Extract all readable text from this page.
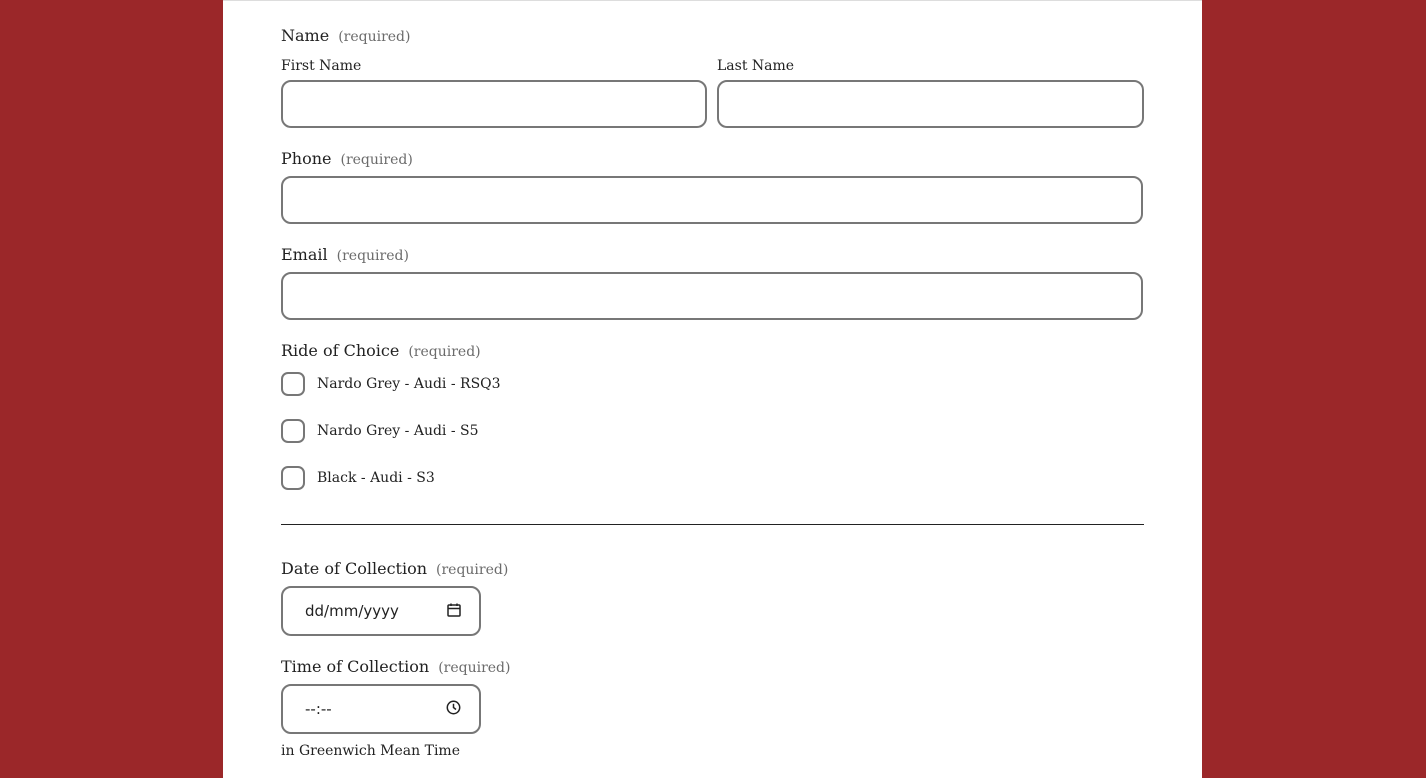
Name (required)
First Name	Last Name
Phone (required)
Email (required)
Ride of Choice (required)
Nardo Grey - Audi - RSQ3
Nardo Grey - Audi - S5
Black - Audi - S3
Date of Collection (required)
dd/mm/yyyy
Time of Collection (required)
--:--
in Greenwich Mean Time
